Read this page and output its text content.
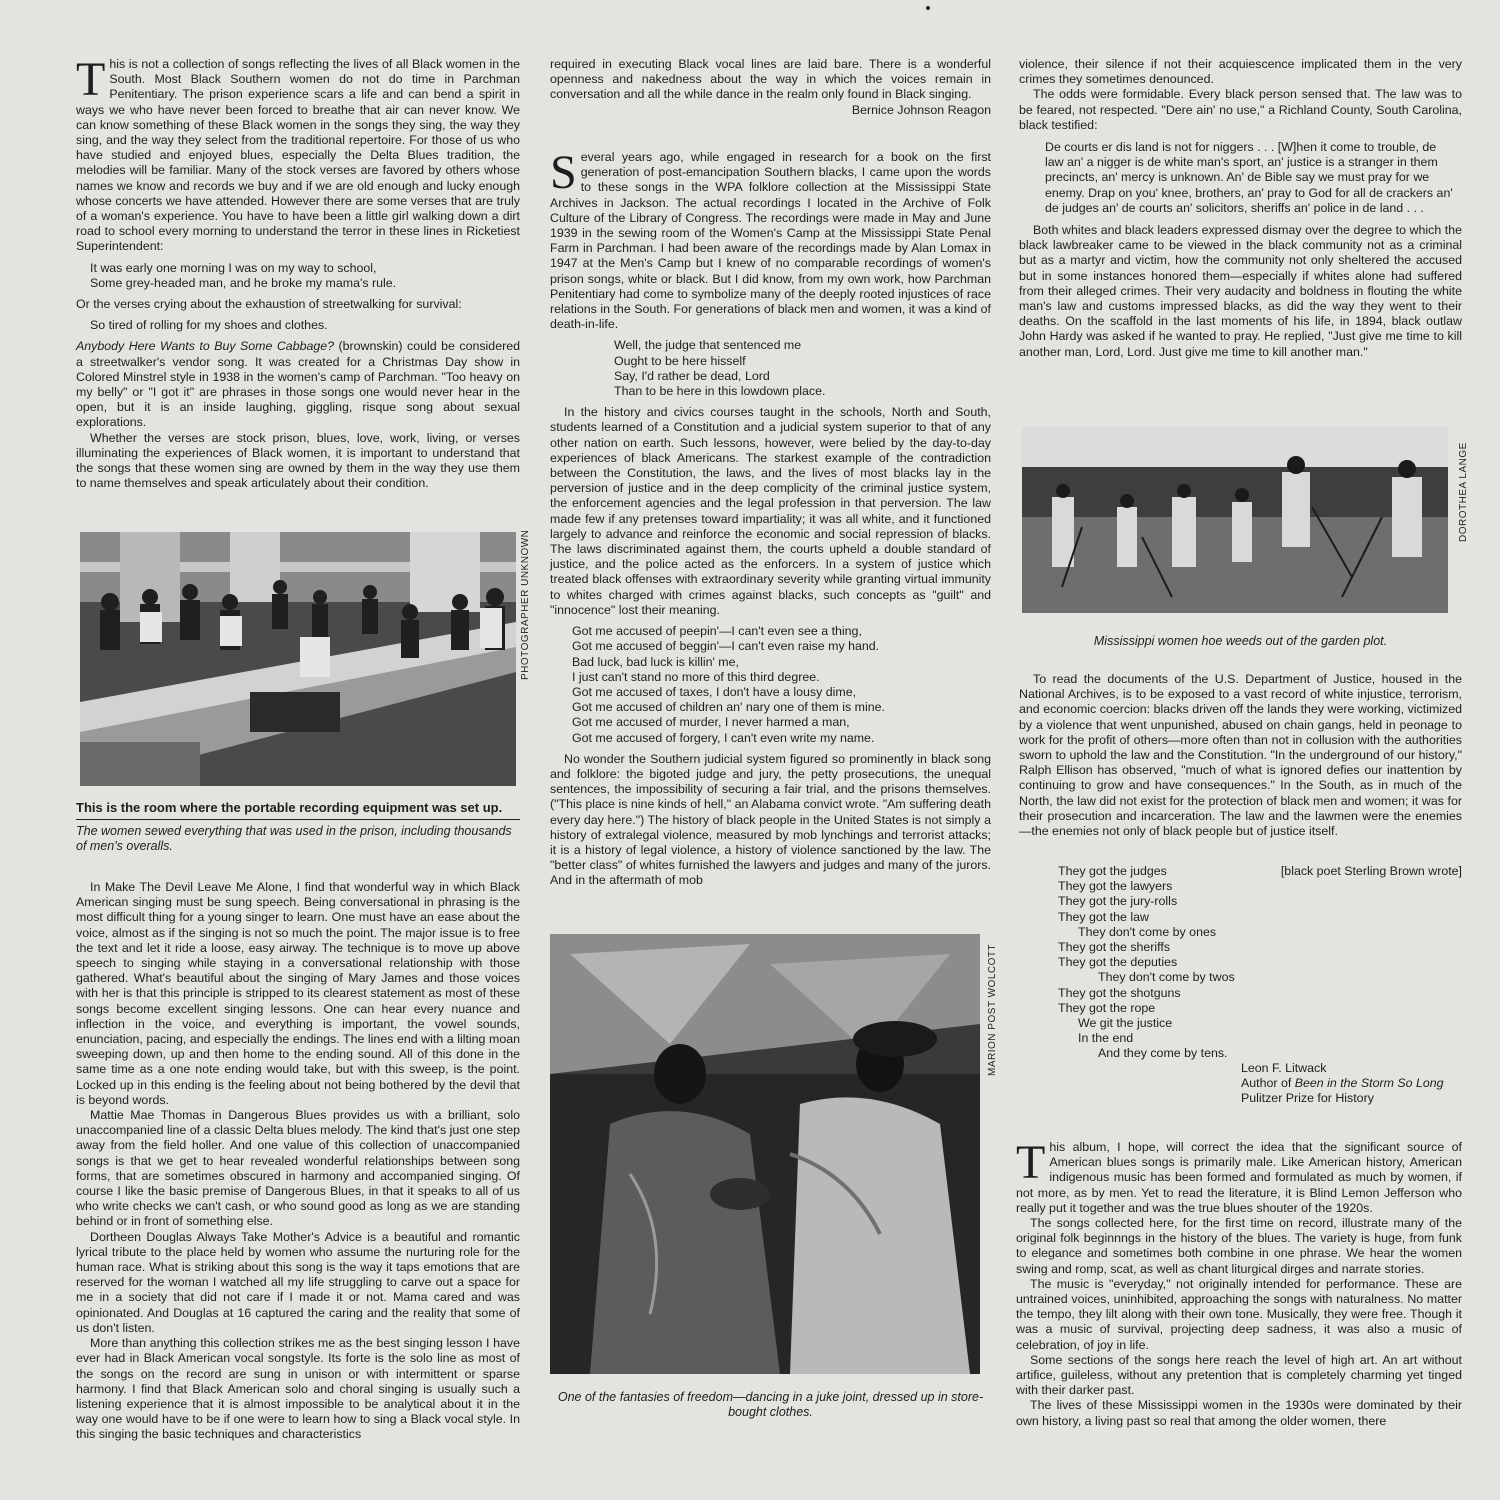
This is not a collection of songs reflecting the lives of all Black women in the South. Most Black Southern women do not do time in Parchman Penitentiary. The prison experience scars a life and can bend a spirit in ways we who have never been forced to breathe that air can never know. We can know something of these Black women in the songs they sing, the way they sing, and the way they select from the traditional repertoire. For those of us who have studied and enjoyed blues, especially the Delta Blues tradition, the melodies will be familiar. Many of the stock verses are favored by others whose names we know and records we buy and if we are old enough and lucky enough whose concerts we have attended. However there are some verses that are truly of a woman's experience. You have to have been a little girl walking down a dirt road to school every morning to understand the terror in these lines in Ricketiest Superintendent:

It was early one morning I was on my way to school,
Some grey-headed man, and he broke my mama's rule.

Or the verses crying about the exhaustion of streetwalking for survival:

So tired of rolling for my shoes and clothes.

Anybody Here Wants to Buy Some Cabbage? (brownskin) could be considered a streetwalker's vendor song. It was created for a Christmas Day show in Colored Minstrel style in 1938 in the women's camp of Parchman. "Too heavy on my belly" or "I got it" are phrases in those songs one would never hear in the open, but it is an inside laughing, giggling, risque song about sexual explorations.

Whether the verses are stock prison, blues, love, work, living, or verses illuminating the experiences of Black women, it is important to understand that the songs that these women sing are owned by them in the way they use them to name themselves and speak articulately about their condition.

PHOTOGRAPHER UNKNOWN
This is the room where the portable recording equipment was set up.
The women sewed everything that was used in the prison, including thousands of men's overalls.

In Make The Devil Leave Me Alone, I find that wonderful way in which Black American singing must be sung speech. Being conversational in phrasing is the most difficult thing for a young singer to learn. One must have an ease about the voice, almost as if the singing is not so much the point. The major issue is to free the text and let it ride a loose, easy airway. The technique is to move up above speech to singing while staying in a conversational relationship with those gathered. What's beautiful about the singing of Mary James and those voices with her is that this principle is stripped to its clearest statement as most of these songs become excellent singing lessons. One can hear every nuance and inflection in the voice, and everything is important, the vowel sounds, enunciation, pacing, and especially the endings. The lines end with a lilting moan sweeping down, up and then home to the ending sound. All of this done in the same time as a one note ending would take, but with this sweep, is the point. Locked up in this ending is the feeling about not being bothered by the devil that is beyond words.

Mattie Mae Thomas in Dangerous Blues provides us with a brilliant, solo unaccompanied line of a classic Delta blues melody. The kind that's just one step away from the field holler. And one value of this collection of unaccompanied songs is that we get to hear revealed wonderful relationships between song forms, that are sometimes obscured in harmony and accompanied singing. Of course I like the basic premise of Dangerous Blues, in that it speaks to all of us who write checks we can't cash, or who sound good as long as we are standing behind or in front of something else.

Dortheen Douglas Always Take Mother's Advice is a beautiful and romantic lyrical tribute to the place held by women who assume the nurturing role for the human race. What is striking about this song is the way it taps emotions that are reserved for the woman I watched all my life struggling to carve out a space for me in a society that did not care if I made it or not. Mama cared and was opinionated. And Douglas at 16 captured the caring and the reality that some of us don't listen.

More than anything this collection strikes me as the best singing lesson I have ever had in Black American vocal songstyle. Its forte is the solo line as most of the songs on the record are sung in unison or with intermittent or sparse harmony. I find that Black American solo and choral singing is usually such a listening experience that it is almost impossible to be analytical about it in the way one would have to be if one were to learn how to sing a Black vocal style. In this singing the basic techniques and characteristics

required in executing Black vocal lines are laid bare. There is a wonderful openness and nakedness about the way in which the voices remain in conversation and all the while dance in the realm only found in Black singing.

Bernice Johnson Reagon

Several years ago, while engaged in research for a book on the first generation of post-emancipation Southern blacks, I came upon the words to these songs in the WPA folklore collection at the Mississippi State Archives in Jackson. The actual recordings I located in the Archive of Folk Culture of the Library of Congress. The recordings were made in May and June 1939 in the sewing room of the Women's Camp at the Mississippi State Penal Farm in Parchman. I had been aware of the recordings made by Alan Lomax in 1947 at the Men's Camp but I knew of no comparable recordings of women's prison songs, white or black. But I did know, from my own work, how Parchman Penitentiary had come to symbolize many of the deeply rooted injustices of race relations in the South. For generations of black men and women, it was a kind of death-in-life.

Well, the judge that sentenced me
Ought to be here hisself
Say, I'd rather be dead, Lord
Than to be here in this lowdown place.

In the history and civics courses taught in the schools, North and South, students learned of a Constitution and a judicial system superior to that of any other nation on earth. Such lessons, however, were belied by the day-to-day experiences of black Americans. The starkest example of the contradiction between the Constitution, the laws, and the lives of most blacks lay in the perversion of justice and in the deep complicity of the criminal justice system, the enforcement agencies and the legal profession in that perversion. The law made few if any pretenses toward impartiality; it was all white, and it functioned largely to advance and reinforce the economic and social repression of blacks. The laws discriminated against them, the courts upheld a double standard of justice, and the police acted as the enforcers. In a system of justice which treated black offenses with extraordinary severity while granting virtual immunity to whites charged with crimes against blacks, such concepts as "guilt" and "innocence" lost their meaning.

Got me accused of peepin'—I can't even see a thing,
Got me accused of beggin'—I can't even raise my hand.
Bad luck, bad luck is killin' me,
I just can't stand no more of this third degree.
Got me accused of taxes, I don't have a lousy dime,
Got me accused of children an' nary one of them is mine.
Got me accused of murder, I never harmed a man,
Got me accused of forgery, I can't even write my name.

No wonder the Southern judicial system figured so prominently in black song and folklore: the bigoted judge and jury, the petty prosecutions, the unequal sentences, the impossibility of securing a fair trial, and the prisons themselves. ("This place is nine kinds of hell," an Alabama convict wrote. "Am suffering death every day here.") The history of black people in the United States is not simply a history of extralegal violence, measured by mob lynchings and terrorist attacks; it is a history of legal violence, a history of violence sanctioned by the law. The "better class" of whites furnished the lawyers and judges and many of the jurors. And in the aftermath of mob

MARION POST WOLCOTT
One of the fantasies of freedom—dancing in a juke joint, dressed up in store-bought clothes.

violence, their silence if not their acquiescence implicated them in the very crimes they sometimes denounced.

The odds were formidable. Every black person sensed that. The law was to be feared, not respected. "Dere ain' no use," a Richland County, South Carolina, black testified:

De courts er dis land is not for niggers . . . [W]hen it come to trouble, de law an' a nigger is de white man's sport, an' justice is a stranger in them precincts, an' mercy is unknown. An' de Bible say we must pray for we enemy. Drap on you' knee, brothers, an' pray to God for all de crackers an' de judges an' de courts an' solicitors, sheriffs an' police in de land . . .

Both whites and black leaders expressed dismay over the degree to which the black lawbreaker came to be viewed in the black community not as a criminal but as a martyr and victim, how the community not only sheltered the accused but in some instances honored them—especially if whites alone had suffered from their alleged crimes. Their very audacity and boldness in flouting the white man's law and customs impressed blacks, as did the way they went to their deaths. On the scaffold in the last moments of his life, in 1894, black outlaw John Hardy was asked if he wanted to pray. He replied, "Just give me time to kill another man, Lord, Lord. Just give me time to kill another man."

DOROTHEA LANGE
Mississippi women hoe weeds out of the garden plot.

To read the documents of the U.S. Department of Justice, housed in the National Archives, is to be exposed to a vast record of white injustice, terrorism, and economic coercion: blacks driven off the lands they were working, victimized by a violence that went unpunished, abused on chain gangs, held in peonage to work for the profit of others—more often than not in collusion with the authorities sworn to uphold the law and the Constitution. "In the underground of our history," Ralph Ellison has observed, "much of what is ignored defies our inattention by continuing to grow and have consequences." In the South, as in much of the North, the law did not exist for the protection of black men and women; it was for their prosecution and incarceration. The law and the lawmen were the enemies—the enemies not only of black people but of justice itself.

[black poet Sterling Brown wrote]
They got the judges
They got the lawyers
They got the jury-rolls
They got the law
They don't come by ones
They got the sheriffs
They got the deputies
They don't come by twos
They got the shotguns
They got the rope
We git the justice
In the end
And they come by tens.
Leon F. Litwack
Author of Been in the Storm So Long
Pulitzer Prize for History

This album, I hope, will correct the idea that the significant source of American blues songs is primarily male. Like American history, American indigenous music has been formed and formulated as much by women, if not more, as by men. Yet to read the literature, it is Blind Lemon Jefferson who really put it together and was the true blues shouter of the 1920s.

The songs collected here, for the first time on record, illustrate many of the original folk beginnngs in the history of the blues. The variety is huge, from funk to elegance and sometimes both combine in one phrase. We hear the women swing and romp, scat, as well as chant liturgical dirges and narrate stories.

The music is "everyday," not originally intended for performance. These are untrained voices, uninhibited, approaching the songs with naturalness. No matter the tempo, they lilt along with their own tone. Musically, they were free. Though it was a music of survival, projecting deep sadness, it was also a music of celebration, of joy in life.

Some sections of the songs here reach the level of high art. An art without artifice, guileless, without any pretention that is completely charming yet tinged with their darker past.

The lives of these Mississippi women in the 1930s were dominated by their own history, a living past so real that among the older women, there
